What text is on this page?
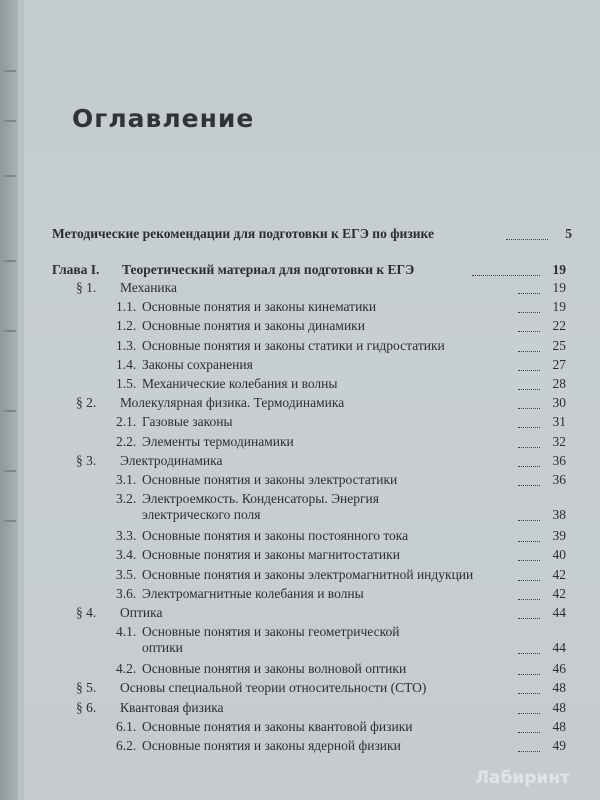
Оглавление
Методические рекомендации для подготовки к ЕГЭ по физике	5
Глава I. Теоретический материал для подготовки к ЕГЭ	19
§ 1. Механика	19
1.1. Основные понятия и законы кинематики	19
1.2. Основные понятия и законы динамики	22
1.3. Основные понятия и законы статики и гидростатики	25
1.4. Законы сохранения	27
1.5. Механические колебания и волны	28
§ 2. Молекулярная физика. Термодинамика	30
2.1. Газовые законы	31
2.2. Элементы термодинамики	32
§ 3. Электродинамика	36
3.1. Основные понятия и законы электростатики	36
3.2. Электроемкость. Конденсаторы. Энергия
электрического поля	38
3.3. Основные понятия и законы постоянного тока	39
3.4. Основные понятия и законы магнитостатики	40
3.5. Основные понятия и законы электромагнитной индукции	42
3.6. Электромагнитные колебания и волны	42
§ 4. Оптика	44
4.1. Основные понятия и законы геометрической
оптики	44
4.2. Основные понятия и законы волновой оптики	46
§ 5. Основы специальной теории относительности (СТО)	48
§ 6. Квантовая физика	48
6.1. Основные понятия и законы квантовой физики	48
6.2. Основные понятия и законы ядерной физики	49
Лабиринт
